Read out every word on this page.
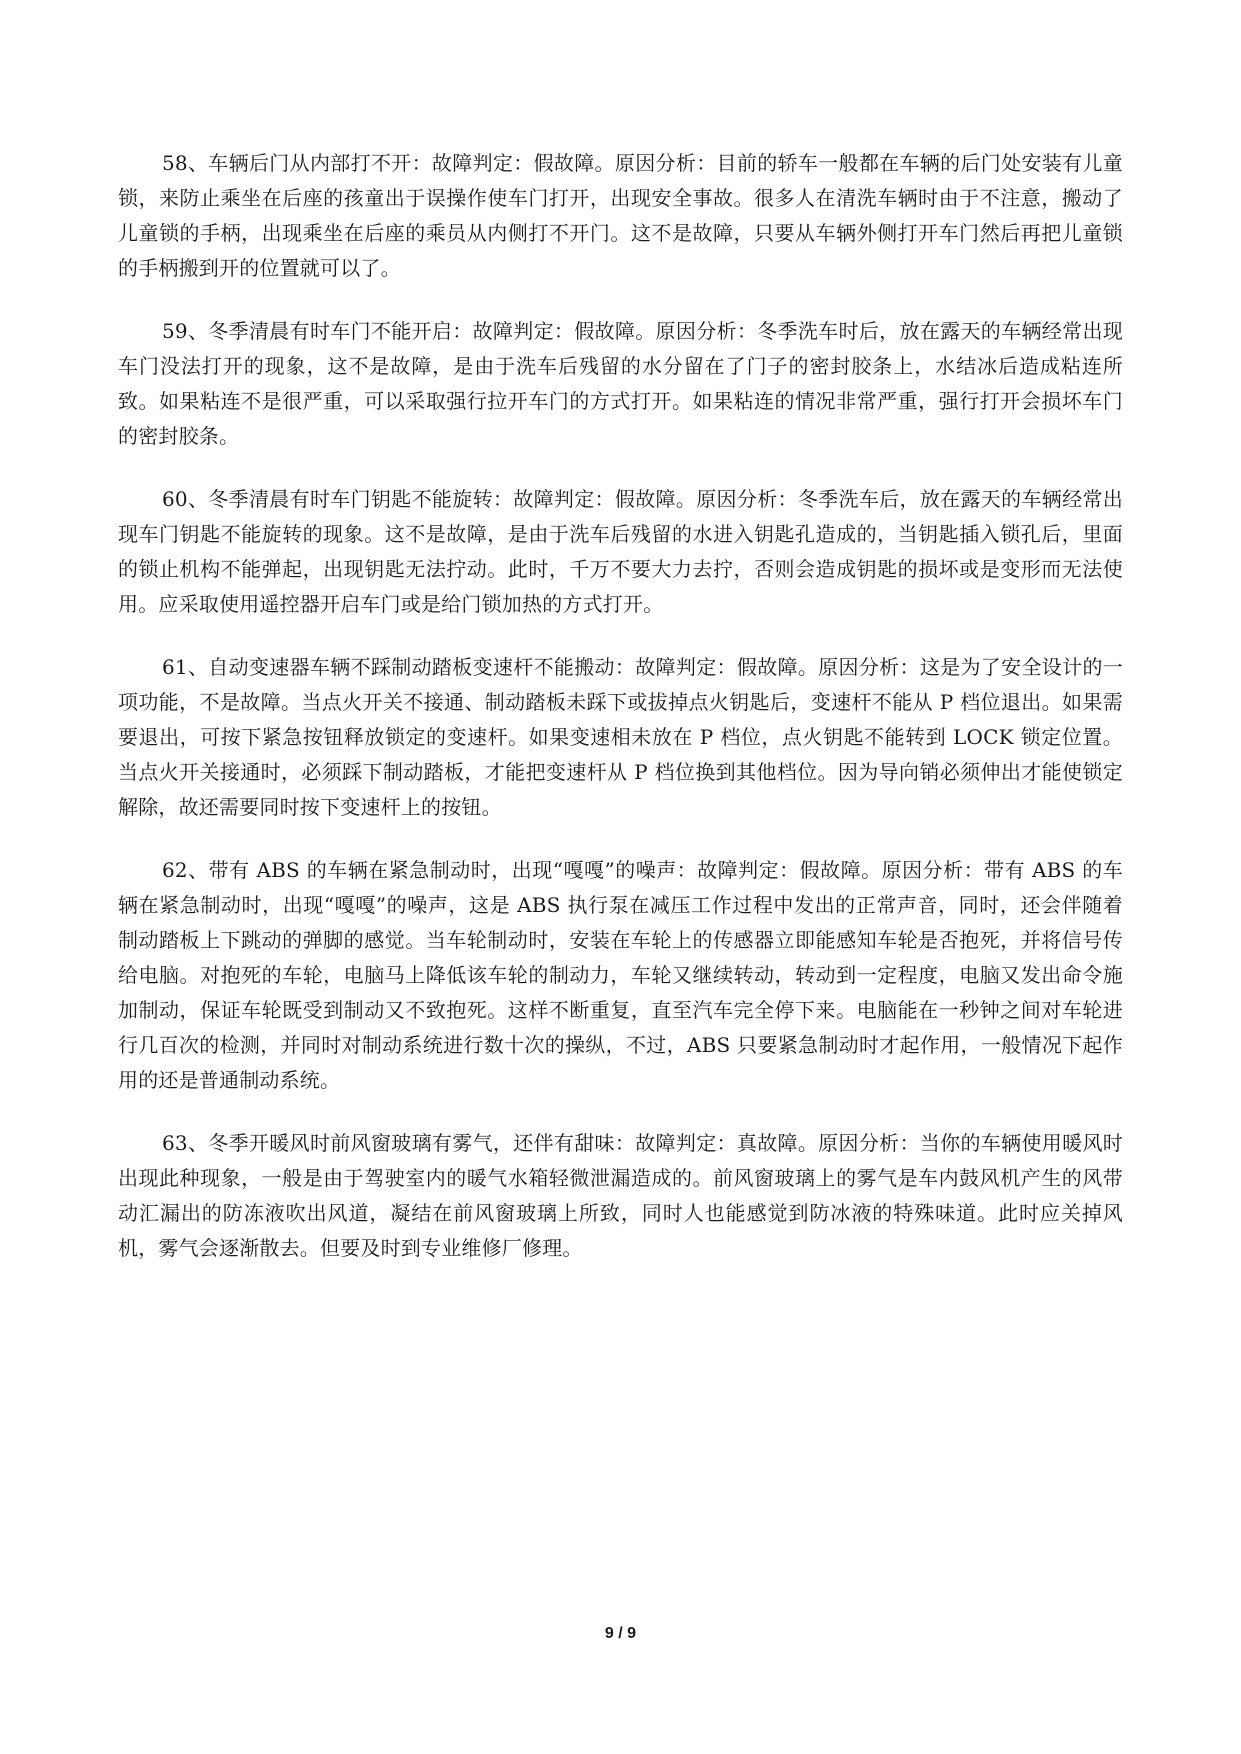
58、车辆后门从内部打不开：故障判定：假故障。原因分析：目前的轿车一般都在车辆的后门处安装有儿童锁，来防止乘坐在后座的孩童出于误操作使车门打开，出现安全事故。很多人在清洗车辆时由于不注意，搬动了儿童锁的手柄，出现乘坐在后座的乘员从内侧打不开门。这不是故障，只要从车辆外侧打开车门然后再把儿童锁的手柄搬到开的位置就可以了。

59、冬季清晨有时车门不能开启：故障判定：假故障。原因分析：冬季洗车时后，放在露天的车辆经常出现车门没法打开的现象，这不是故障，是由于洗车后残留的水分留在了门子的密封胶条上，水结冰后造成粘连所致。如果粘连不是很严重，可以采取强行拉开车门的方式打开。如果粘连的情况非常严重，强行打开会损坏车门的密封胶条。

60、冬季清晨有时车门钥匙不能旋转：故障判定：假故障。原因分析：冬季洗车后，放在露天的车辆经常出现车门钥匙不能旋转的现象。这不是故障，是由于洗车后残留的水进入钥匙孔造成的，当钥匙插入锁孔后，里面的锁止机构不能弹起，出现钥匙无法拧动。此时，千万不要大力去拧，否则会造成钥匙的损坏或是变形而无法使用。应采取使用遥控器开启车门或是给门锁加热的方式打开。

61、自动变速器车辆不踩制动踏板变速杆不能搬动：故障判定：假故障。原因分析：这是为了安全设计的一项功能，不是故障。当点火开关不接通、制动踏板未踩下或拔掉点火钥匙后，变速杆不能从 P 档位退出。如果需要退出，可按下紧急按钮释放锁定的变速杆。如果变速相未放在 P 档位，点火钥匙不能转到 LOCK 锁定位置。当点火开关接通时，必须踩下制动踏板，才能把变速杆从 P 档位换到其他档位。因为导向销必须伸出才能使锁定解除，故还需要同时按下变速杆上的按钮。

62、带有 ABS 的车辆在紧急制动时，出现“嘎嘎”的噪声：故障判定：假故障。原因分析：带有 ABS 的车辆在紧急制动时，出现“嘎嘎”的噪声，这是 ABS 执行泵在减压工作过程中发出的正常声音，同时，还会伴随着制动踏板上下跳动的弹脚的感觉。当车轮制动时，安装在车轮上的传感器立即能感知车轮是否抱死，并将信号传给电脑。对抱死的车轮，电脑马上降低该车轮的制动力，车轮又继续转动，转动到一定程度，电脑又发出命令施加制动，保证车轮既受到制动又不致抱死。这样不断重复，直至汽车完全停下来。电脑能在一秒钟之间对车轮进行几百次的检测，并同时对制动系统进行数十次的操纵，不过，ABS 只要紧急制动时才起作用，一般情况下起作用的还是普通制动系统。

63、冬季开暖风时前风窗玻璃有雾气，还伴有甜味：故障判定：真故障。原因分析：当你的车辆使用暖风时出现此种现象，一般是由于驾驶室内的暖气水箱轻微泄漏造成的。前风窗玻璃上的雾气是车内鼓风机产生的风带动汇漏出的防冻液吹出风道，凝结在前风窗玻璃上所致，同时人也能感觉到防冰液的特殊味道。此时应关掉风机，雾气会逐渐散去。但要及时到专业维修厂修理。

9 / 9
